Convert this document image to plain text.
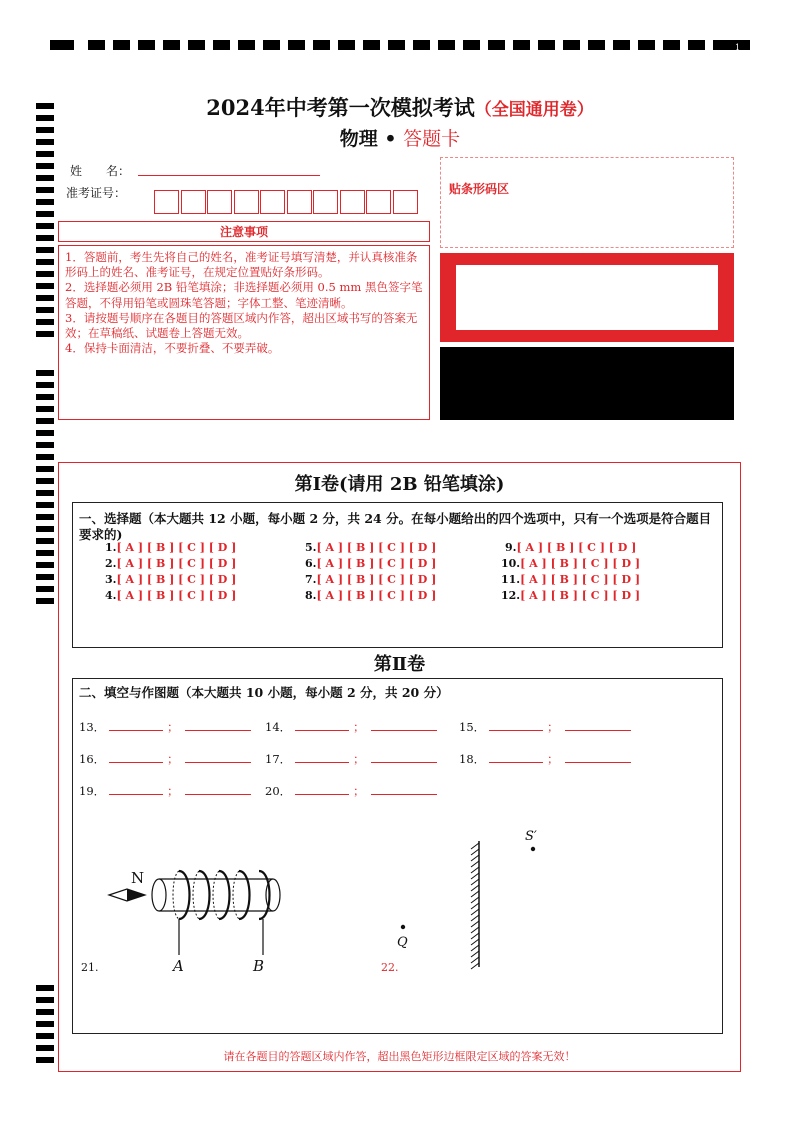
1
2024年中考第一次模拟考试（全国通用卷）
物理 • 答题卡
姓　　名：
准考证号：	贴条形码区
注意事项
1．答题前，考生先将自己的姓名，准考证号填写清楚，并认真核准条形码上的姓名、准考证号，在规定位置贴好条形码。
2．选择题必须用 2B 铅笔填涂；非选择题必须用 0.5 mm 黑色签字笔答题，不得用铅笔或圆珠笔答题；字体工整、笔迹清晰。
3．请按题号顺序在各题目的答题区域内作答，超出区域书写的答案无效；在草稿纸、试题卷上答题无效。
4．保持卡面清洁，不要折叠、不要弄破。
第Ⅰ卷(请用 2B 铅笔填涂)
一、选择题（本大题共 12 小题，每小题 2 分，共 24 分。在每小题给出的四个选项中，只有一个选项是符合题目要求的)
1.[ A ] [ B ] [ C ] [ D ]
2.[ A ] [ B ] [ C ] [ D ]
3.[ A ] [ B ] [ C ] [ D ]
4.[ A ] [ B ] [ C ] [ D ]
5.[ A ] [ B ] [ C ] [ D ]
6.[ A ] [ B ] [ C ] [ D ]
7.[ A ] [ B ] [ C ] [ D ]
8.[ A ] [ B ] [ C ] [ D ]
9.[ A ] [ B ] [ C ] [ D ]
10.[ A ] [ B ] [ C ] [ D ]
11.[ A ] [ B ] [ C ] [ D ]
12.[ A ] [ B ] [ C ] [ D ]
第Ⅱ卷
二、填空与作图题（本大题共 10 小题，每小题 2 分，共 20 分）
13．	；	14．	；	15．	；
16．	；	17．	；	18．	；
19．	；	20．	；
21.	22.
N
A	B
Q
S′
请在各题目的答题区域内作答，超出黑色矩形边框限定区域的答案无效！
